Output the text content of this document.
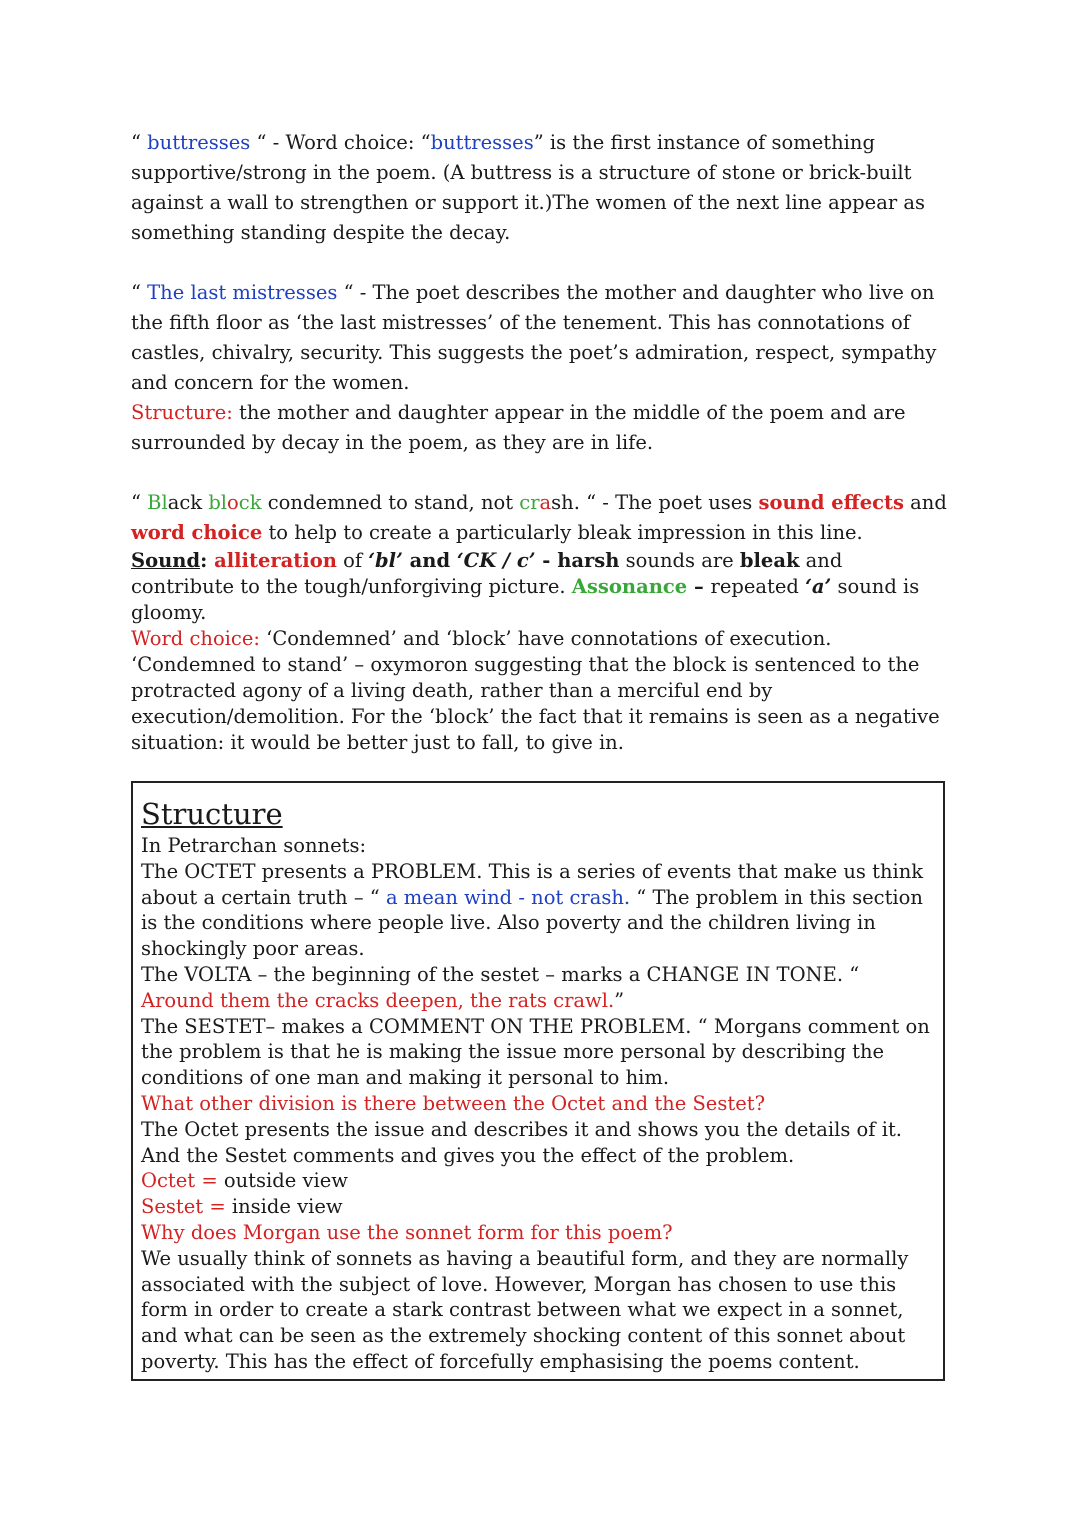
“ buttresses “ - Word choice: “buttresses” is the first instance of something supportive/strong in the poem. (A buttress is a structure of stone or brick-built against a wall to strengthen or support it.)The women of the next line appear as something standing despite the decay.

“ The last mistresses “ - The poet describes the mother and daughter who live on the fifth floor as ‘the last mistresses’ of the tenement. This has connotations of castles, chivalry, security. This suggests the poet’s admiration, respect, sympathy and concern for the women.

Structure: the mother and daughter appear in the middle of the poem and are surrounded by decay in the poem, as they are in life.

“ Black block condemned to stand, not crash. “ - The poet uses sound effects and word choice to help to create a particularly bleak impression in this line.

Sound: alliteration of ‘bl’ and ‘CK / c’ - harsh sounds are bleak and contribute to the tough/unforgiving picture. Assonance – repeated ‘a’ sound is gloomy.

Word choice: ‘Condemned’ and ‘block’ have connotations of execution.

‘Condemned to stand’ – oxymoron suggesting that the block is sentenced to the protracted agony of a living death, rather than a merciful end by execution/demolition. For the ‘block’ the fact that it remains is seen as a negative situation: it would be better just to fall, to give in.

Structure

In Petrarchan sonnets:

The OCTET presents a PROBLEM. This is a series of events that make us think about a certain truth – “ a mean wind - not crash. “ The problem in this section is the conditions where people live. Also poverty and the children living in shockingly poor areas.

The VOLTA – the beginning of the sestet – marks a CHANGE IN TONE. “ Around them the cracks deepen, the rats crawl.”

The SESTET– makes a COMMENT ON THE PROBLEM. “ Morgans comment on the problem is that he is making the issue more personal by describing the conditions of one man and making it personal to him.

What other division is there between the Octet and the Sestet?

The Octet presents the issue and describes it and shows you the details of it. And the Sestet comments and gives you the effect of the problem.

Octet = outside view

Sestet = inside view

Why does Morgan use the sonnet form for this poem?

We usually think of sonnets as having a beautiful form, and they are normally associated with the subject of love. However, Morgan has chosen to use this form in order to create a stark contrast between what we expect in a sonnet, and what can be seen as the extremely shocking content of this sonnet about poverty. This has the effect of forcefully emphasising the poems content.
